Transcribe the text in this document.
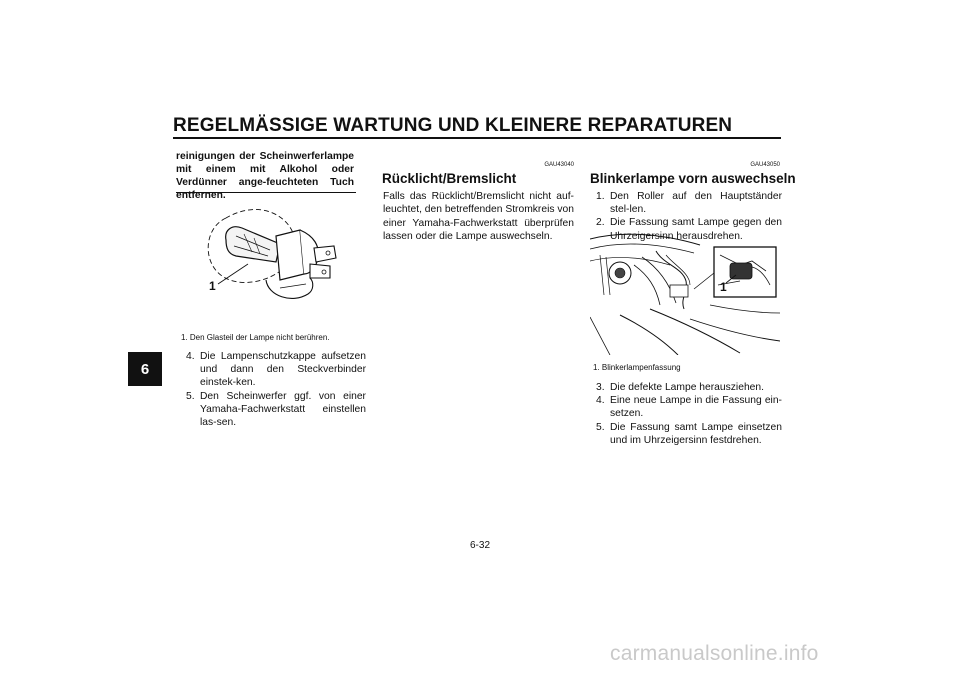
REGELMÄSSIGE WARTUNG UND KLEINERE REPARATUREN
6
reinigungen der Scheinwerferlampe mit einem mit Alkohol oder Verdünner ange-feuchteten Tuch entfernen.
1
1. Den Glasteil der Lampe nicht berühren.
4. Die Lampenschutzkappe aufsetzen und dann den Steckverbinder einstek-ken.
5. Den Scheinwerfer ggf. von einer Yamaha-Fachwerkstatt einstellen las-sen.
GAU43040
Rücklicht/Bremslicht
Falls das Rücklicht/Bremslicht nicht auf-leuchtet, den betreffenden Stromkreis von einer Yamaha-Fachwerkstatt überprüfen lassen oder die Lampe auswechseln.
GAU43050
Blinkerlampe vorn auswechseln
1. Den Roller auf den Hauptständer stel-len.
2. Die Fassung samt Lampe gegen den Uhrzeigersinn herausdrehen.
1
1. Blinkerlampenfassung
3. Die defekte Lampe herausziehen.
4. Eine neue Lampe in die Fassung ein-setzen.
5. Die Fassung samt Lampe einsetzen und im Uhrzeigersinn festdrehen.
6-32
carmanualsonline.info
